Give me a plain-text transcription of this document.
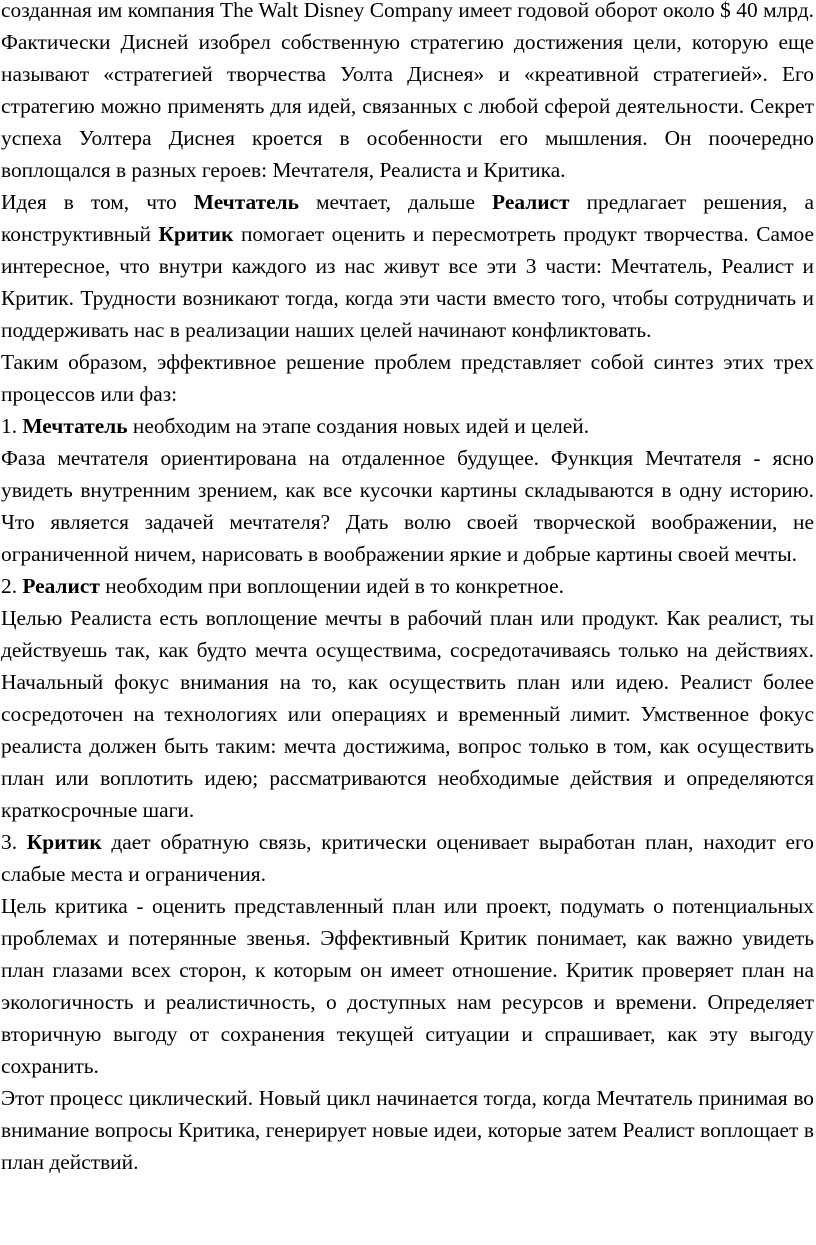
созданная им компания The Walt Disney Company имеет годовой оборот около $ 40 млрд. Фактически Дисней изобрел собственную стратегию достижения цели, которую еще называют «стратегией творчества Уолта Диснея» и «креативной стратегией». Его стратегию можно применять для идей, связанных с любой сферой деятельности. Секрет успеха Уолтера Диснея кроется в особенности его мышления. Он поочередно воплощался в разных героев: Мечтателя, Реалиста и Критика.

Идея в том, что Мечтатель мечтает, дальше Реалист предлагает решения, а конструктивный Критик помогает оценить и пересмотреть продукт творчества. Самое интересное, что внутри каждого из нас живут все эти 3 части: Мечтатель, Реалист и Критик. Трудности возникают тогда, когда эти части вместо того, чтобы сотрудничать и поддерживать нас в реализации наших целей начинают конфликтовать.

Таким образом, эффективное решение проблем представляет собой синтез этих трех процессов или фаз:

1. Мечтатель необходим на этапе создания новых идей и целей.

Фаза мечтателя ориентирована на отдаленное будущее. Функция Мечтателя - ясно увидеть внутренним зрением, как все кусочки картины складываются в одну историю. Что является задачей мечтателя? Дать волю своей творческой воображении, не ограниченной ничем, нарисовать в воображении яркие и добрые картины своей мечты.

2. Реалист необходим при воплощении идей в то конкретное.

Целью Реалиста есть воплощение мечты в рабочий план или продукт. Как реалист, ты действуешь так, как будто мечта осуществима, сосредотачиваясь только на действиях. Начальный фокус внимания на то, как осуществить план или идею. Реалист более сосредоточен на технологиях или операциях и временный лимит. Умственное фокус реалиста должен быть таким: мечта достижима, вопрос только в том, как осуществить план или воплотить идею; рассматриваются необходимые действия и определяются краткосрочные шаги.

3. Критик дает обратную связь, критически оценивает выработан план, находит его слабые места и ограничения.

Цель критика - оценить представленный план или проект, подумать о потенциальных проблемах и потерянные звенья. Эффективный Критик понимает, как важно увидеть план глазами всех сторон, к которым он имеет отношение. Критик проверяет план на экологичность и реалистичность, о доступных нам ресурсов и времени. Определяет вторичную выгоду от сохранения текущей ситуации и спрашивает, как эту выгоду сохранить.

Этот процесс циклический. Новый цикл начинается тогда, когда Мечтатель принимая во внимание вопросы Критика, генерирует новые идеи, которые затем Реалист воплощает в план действий.
